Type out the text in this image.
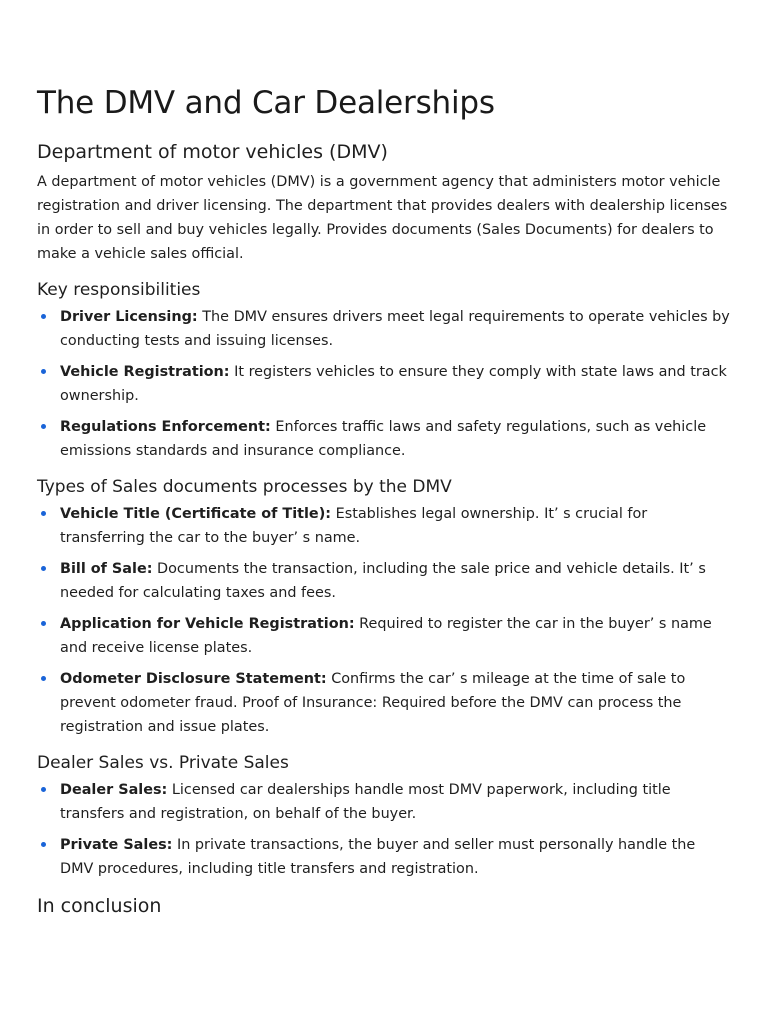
The DMV and Car Dealerships
Department of motor vehicles (DMV)

A department of motor vehicles (DMV) is a government agency that administers motor vehicle
registration and driver licensing. The department that provides dealers with dealership licenses
in order to sell and buy vehicles legally. Provides documents (Sales Documents) for dealers to
make a vehicle sales official.

Key responsibilities
Driver Licensing: The DMV ensures drivers meet legal requirements to operate vehicles by conducting tests and issuing licenses.
Vehicle Registration: It registers vehicles to ensure they comply with state laws and track ownership.
Regulations Enforcement: Enforces traffic laws and safety regulations, such as vehicle emissions standards and insurance compliance.
Types of Sales documents processes by the DMV
Vehicle Title (Certificate of Title): Establishes legal ownership. It’ s crucial for transferring the car to the buyer’ s name.
Bill of Sale: Documents the transaction, including the sale price and vehicle details. It’ s needed for calculating taxes and fees.
Application for Vehicle Registration: Required to register the car in the buyer’ s name and receive license plates.
Odometer Disclosure Statement: Confirms the car’ s mileage at the time of sale to prevent odometer fraud. Proof of Insurance: Required before the DMV can process the registration and issue plates.
Dealer Sales vs. Private Sales
Dealer Sales: Licensed car dealerships handle most DMV paperwork, including title transfers and registration, on behalf of the buyer.
Private Sales: In private transactions, the buyer and seller must personally handle the DMV procedures, including title transfers and registration.
In conclusion
